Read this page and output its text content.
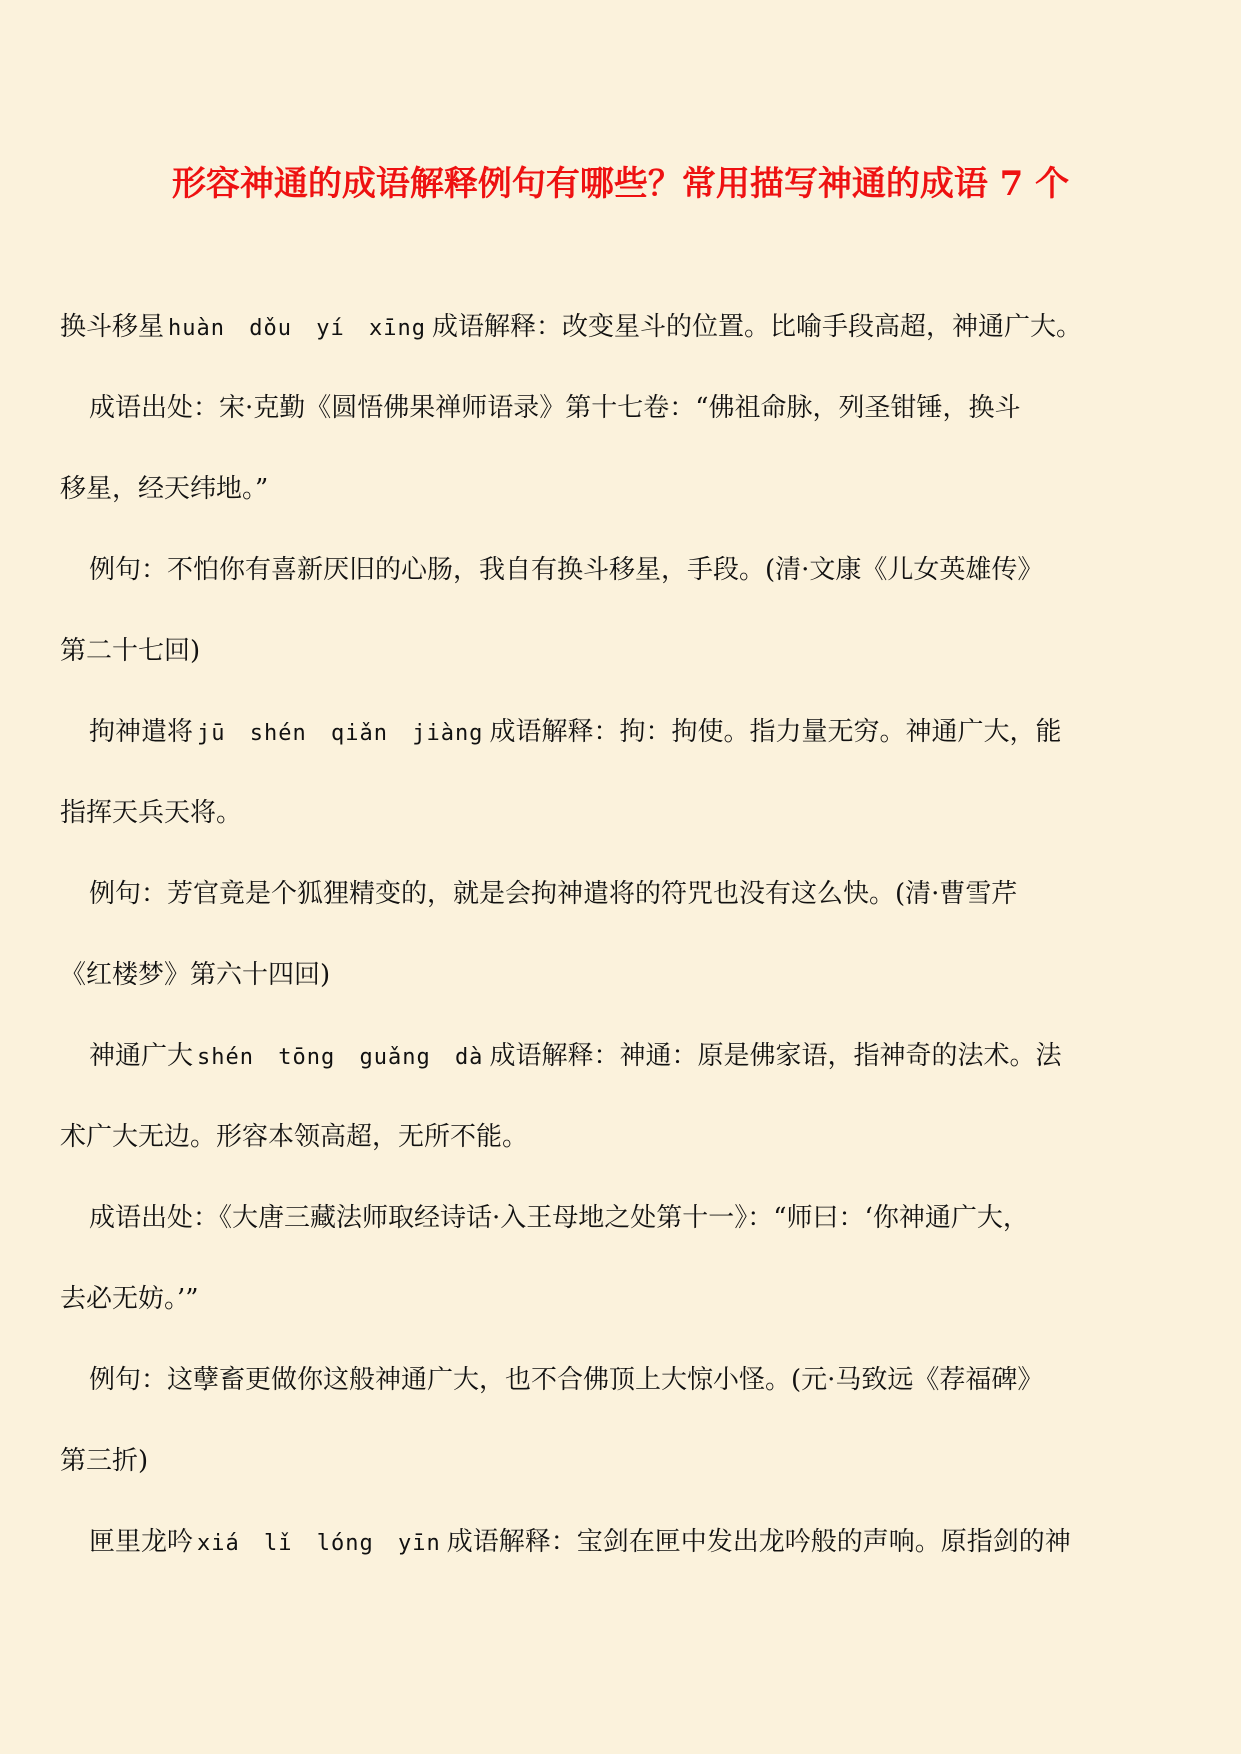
形容神通的成语解释例句有哪些？常用描写神通的成语 7 个
换斗移星 huàn dǒu yí xīng 成语解释：改变星斗的位置。比喻手段高超，神通广大。
成语出处：宋·克勤《圆悟佛果禅师语录》第十七卷：“佛祖命脉，列圣钳锤，换斗
移星，经天纬地。”
例句：不怕你有喜新厌旧的心肠，我自有换斗移星，手段。(清·文康《儿女英雄传》
第二十七回)
拘神遣将 jū shén qiǎn jiàng 成语解释：拘：拘使。指力量无穷。神通广大，能
指挥天兵天将。
例句：芳官竟是个狐狸精变的，就是会拘神遣将的符咒也没有这么快。(清·曹雪芹
《红楼梦》第六十四回)
神通广大 shén tōng guǎng dà 成语解释：神通：原是佛家语，指神奇的法术。法
术广大无边。形容本领高超，无所不能。
成语出处：《大唐三藏法师取经诗话·入王母地之处第十一》：“师曰：‘你神通广大，
去必无妨。’”
例句：这孽畜更做你这般神通广大，也不合佛顶上大惊小怪。(元·马致远《荐福碑》
第三折)
匣里龙吟 xiá lǐ lóng yīn 成语解释：宝剑在匣中发出龙吟般的声响。原指剑的神
